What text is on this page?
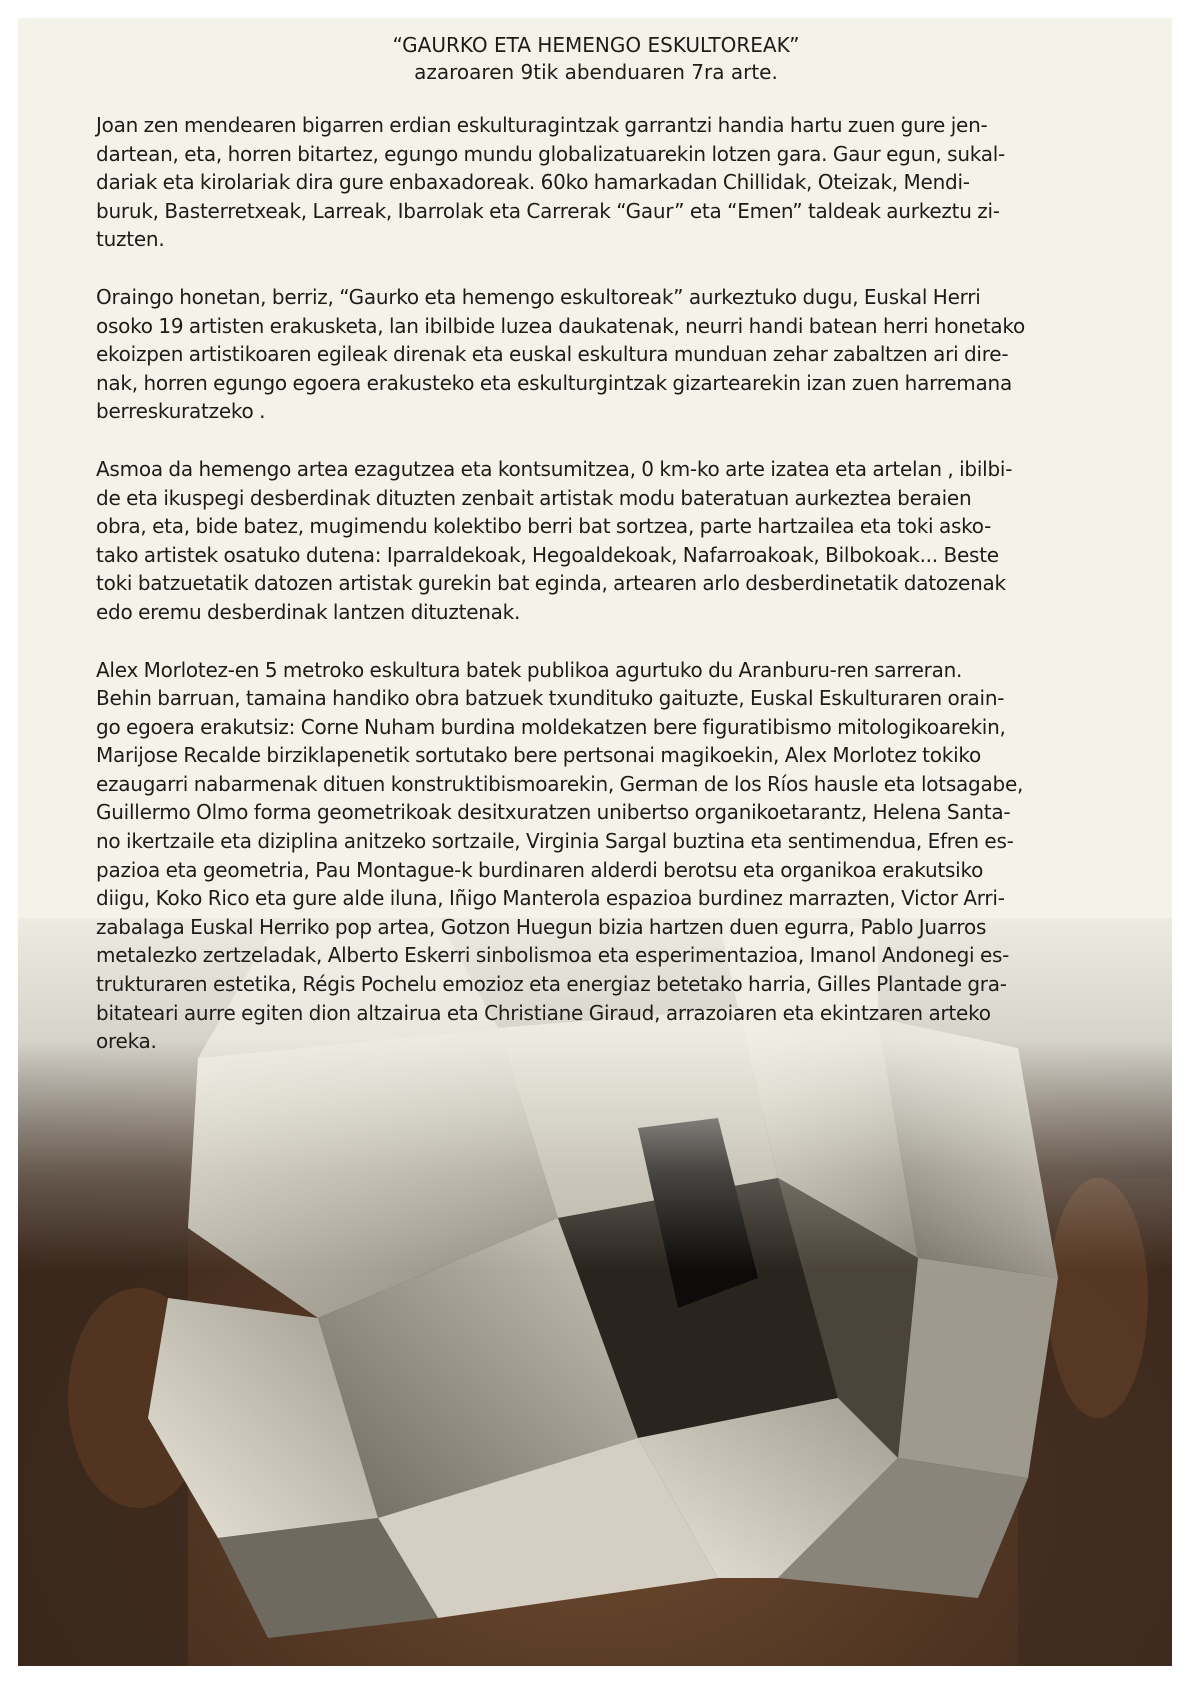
“GAURKO ETA HEMENGO ESKULTOREAK”
azaroaren 9tik abenduaren 7ra arte.

Joan zen mendearen bigarren erdian eskulturagintzak garrantzi handia hartu zuen gure jen-
dartean, eta, horren bitartez, egungo mundu globalizatuarekin lotzen gara. Gaur egun, sukal-
dariak eta kirolariak dira gure enbaxadoreak. 60ko hamarkadan Chillidak, Oteizak, Mendi-
buruk, Basterretxeak, Larreak, Ibarrolak eta Carrerak “Gaur” eta “Emen” taldeak aurkeztu zi-
tuzten.

Oraingo honetan, berriz, “Gaurko eta hemengo eskultoreak” aurkeztuko dugu, Euskal Herri
osoko 19 artisten erakusketa, lan ibilbide luzea daukatenak, neurri handi batean herri honetako
ekoizpen artistikoaren egileak direnak eta euskal eskultura munduan zehar zabaltzen ari dire-
nak, horren egungo egoera erakusteko eta eskulturgintzak gizartearekin izan zuen harremana
berreskuratzeko .

Asmoa da hemengo artea ezagutzea eta kontsumitzea, 0 km-ko arte izatea eta artelan , ibilbi-
de eta ikuspegi desberdinak dituzten zenbait artistak modu bateratuan aurkeztea beraien
obra, eta, bide batez, mugimendu kolektibo berri bat sortzea, parte hartzailea eta toki asko-
tako artistek osatuko dutena: Iparraldekoak, Hegoaldekoak, Nafarroakoak, Bilbokoak... Beste
toki batzuetatik datozen artistak gurekin bat eginda, artearen arlo desberdinetatik datozenak
edo eremu desberdinak lantzen dituztenak.

Alex Morlotez-en 5 metroko eskultura batek publikoa agurtuko du Aranburu-ren sarreran.
Behin barruan, tamaina handiko obra batzuek txundituko gaituzte, Euskal Eskulturaren orain-
go egoera erakutsiz: Corne Nuham burdina moldekatzen bere figuratibismo mitologikoarekin,
Marijose Recalde birziklapenetik sortutako bere pertsonai magikoekin, Alex Morlotez tokiko
ezaugarri nabarmenak dituen konstruktibismoarekin, German de los Ríos hausle eta lotsagabe,
Guillermo Olmo forma geometrikoak desitxuratzen unibertso organikoetarantz, Helena Santa-
no ikertzaile eta diziplina anitzeko sortzaile, Virginia Sargal buztina eta sentimendua, Efren es-
pazioa eta geometria, Pau Montague-k burdinaren alderdi berotsu eta organikoa erakutsiko
diigu, Koko Rico eta gure alde iluna, Iñigo Manterola espazioa burdinez marrazten, Victor Arri-
zabalaga Euskal Herriko pop artea, Gotzon Huegun bizia hartzen duen egurra, Pablo Juarros
metalezko zertzeladak, Alberto Eskerri sinbolismoa eta esperimentazioa, Imanol Andonegi es-
trukturaren estetika, Régis Pochelu emozioz eta energiaz betetako harria, Gilles Plantade gra-
bitateari aurre egiten dion altzairua eta Christiane Giraud, arrazoiaren eta ekintzaren arteko
oreka.
